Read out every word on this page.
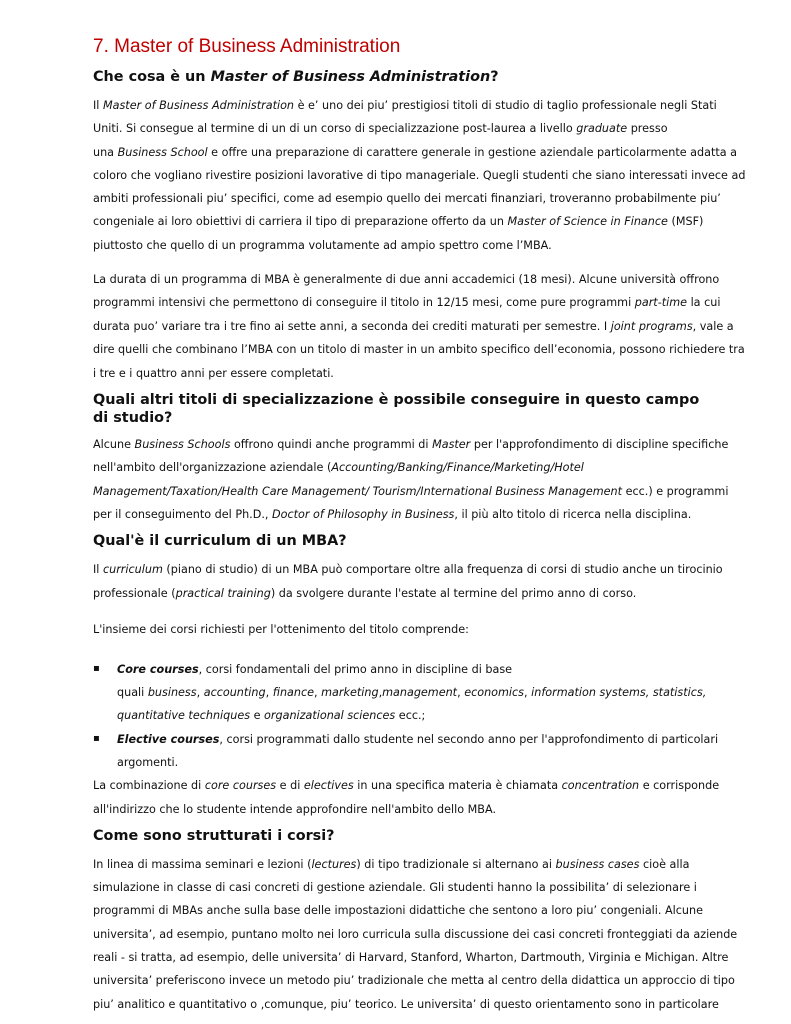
7. Master of Business Administration
Che cosa è un Master of Business Administration?

Il Master of Business Administration è e’ uno dei piu’ prestigiosi titoli di studio di taglio professionale negli Stati

Uniti. Si consegue al termine di un di un corso di specializzazione post-laurea a livello graduate presso

una Business School e offre una preparazione di carattere generale in gestione aziendale particolarmente adatta a

coloro che vogliano rivestire posizioni lavorative di tipo manageriale. Quegli studenti che siano interessati invece ad

ambiti professionali piu’ specifici, come ad esempio quello dei mercati finanziari, troveranno probabilmente piu’

congeniale ai loro obiettivi di carriera il tipo di preparazione offerto da un Master of Science in Finance (MSF)

piuttosto che quello di un programma volutamente ad ampio spettro come l’MBA.

La durata di un programma di MBA è generalmente di due anni accademici (18 mesi). Alcune università offrono

programmi intensivi che permettono di conseguire il titolo in 12/15 mesi, come pure programmi part-time la cui

durata puo’ variare tra i tre fino ai sette anni, a seconda dei crediti maturati per semestre. I joint programs, vale a

dire quelli che combinano l’MBA con un titolo di master in un ambito specifico dell’economia, possono richiedere tra

i tre e i quattro anni per essere completati.

Quali altri titoli di specializzazione è possibile conseguire in questo campo di studio?

Alcune Business Schools offrono quindi anche programmi di Master per l'approfondimento di discipline specifiche

nell'ambito dell'organizzazione aziendale (Accounting/Banking/Finance/Marketing/Hotel

Management/Taxation/Health Care Management/ Tourism/International Business Management ecc.) e programmi

per il conseguimento del Ph.D., Doctor of Philosophy in Business, il più alto titolo di ricerca nella disciplina.

Qual'è il curriculum di un MBA?

Il curriculum (piano di studio) di un MBA può comportare oltre alla frequenza di corsi di studio anche un tirocinio

professionale (practical training) da svolgere durante l'estate al termine del primo anno di corso.

L'insieme dei corsi richiesti per l'ottenimento del titolo comprende:

▪ Core courses, corsi fondamentali del primo anno in discipline di base

quali business, accounting, finance, marketing,management, economics, information systems, statistics,

quantitative techniques e organizational sciences ecc.;

▪ Elective courses, corsi programmati dallo studente nel secondo anno per l'approfondimento di particolari

argomenti.

La combinazione di core courses e di electives in una specifica materia è chiamata concentration e corrisponde

all'indirizzo che lo studente intende approfondire nell'ambito dello MBA.

Come sono strutturati i corsi?

In linea di massima seminari e lezioni (lectures) di tipo tradizionale si alternano ai business cases cioè alla

simulazione in classe di casi concreti di gestione aziendale. Gli studenti hanno la possibilita’ di selezionare i

programmi di MBAs anche sulla base delle impostazioni didattiche che sentono a loro piu’ congeniali. Alcune

universita’, ad esempio, puntano molto nei loro curricula sulla discussione dei casi concreti fronteggiati da aziende

reali - si tratta, ad esempio, delle universita’ di Harvard, Stanford, Wharton, Dartmouth, Virginia e Michigan. Altre

universita’ preferiscono invece un metodo piu’ tradizionale che metta al centro della didattica un approccio di tipo

piu’ analitico e quantitativo o ,comunque, piu’ teorico. Le universita’ di questo orientamento sono in particolare
